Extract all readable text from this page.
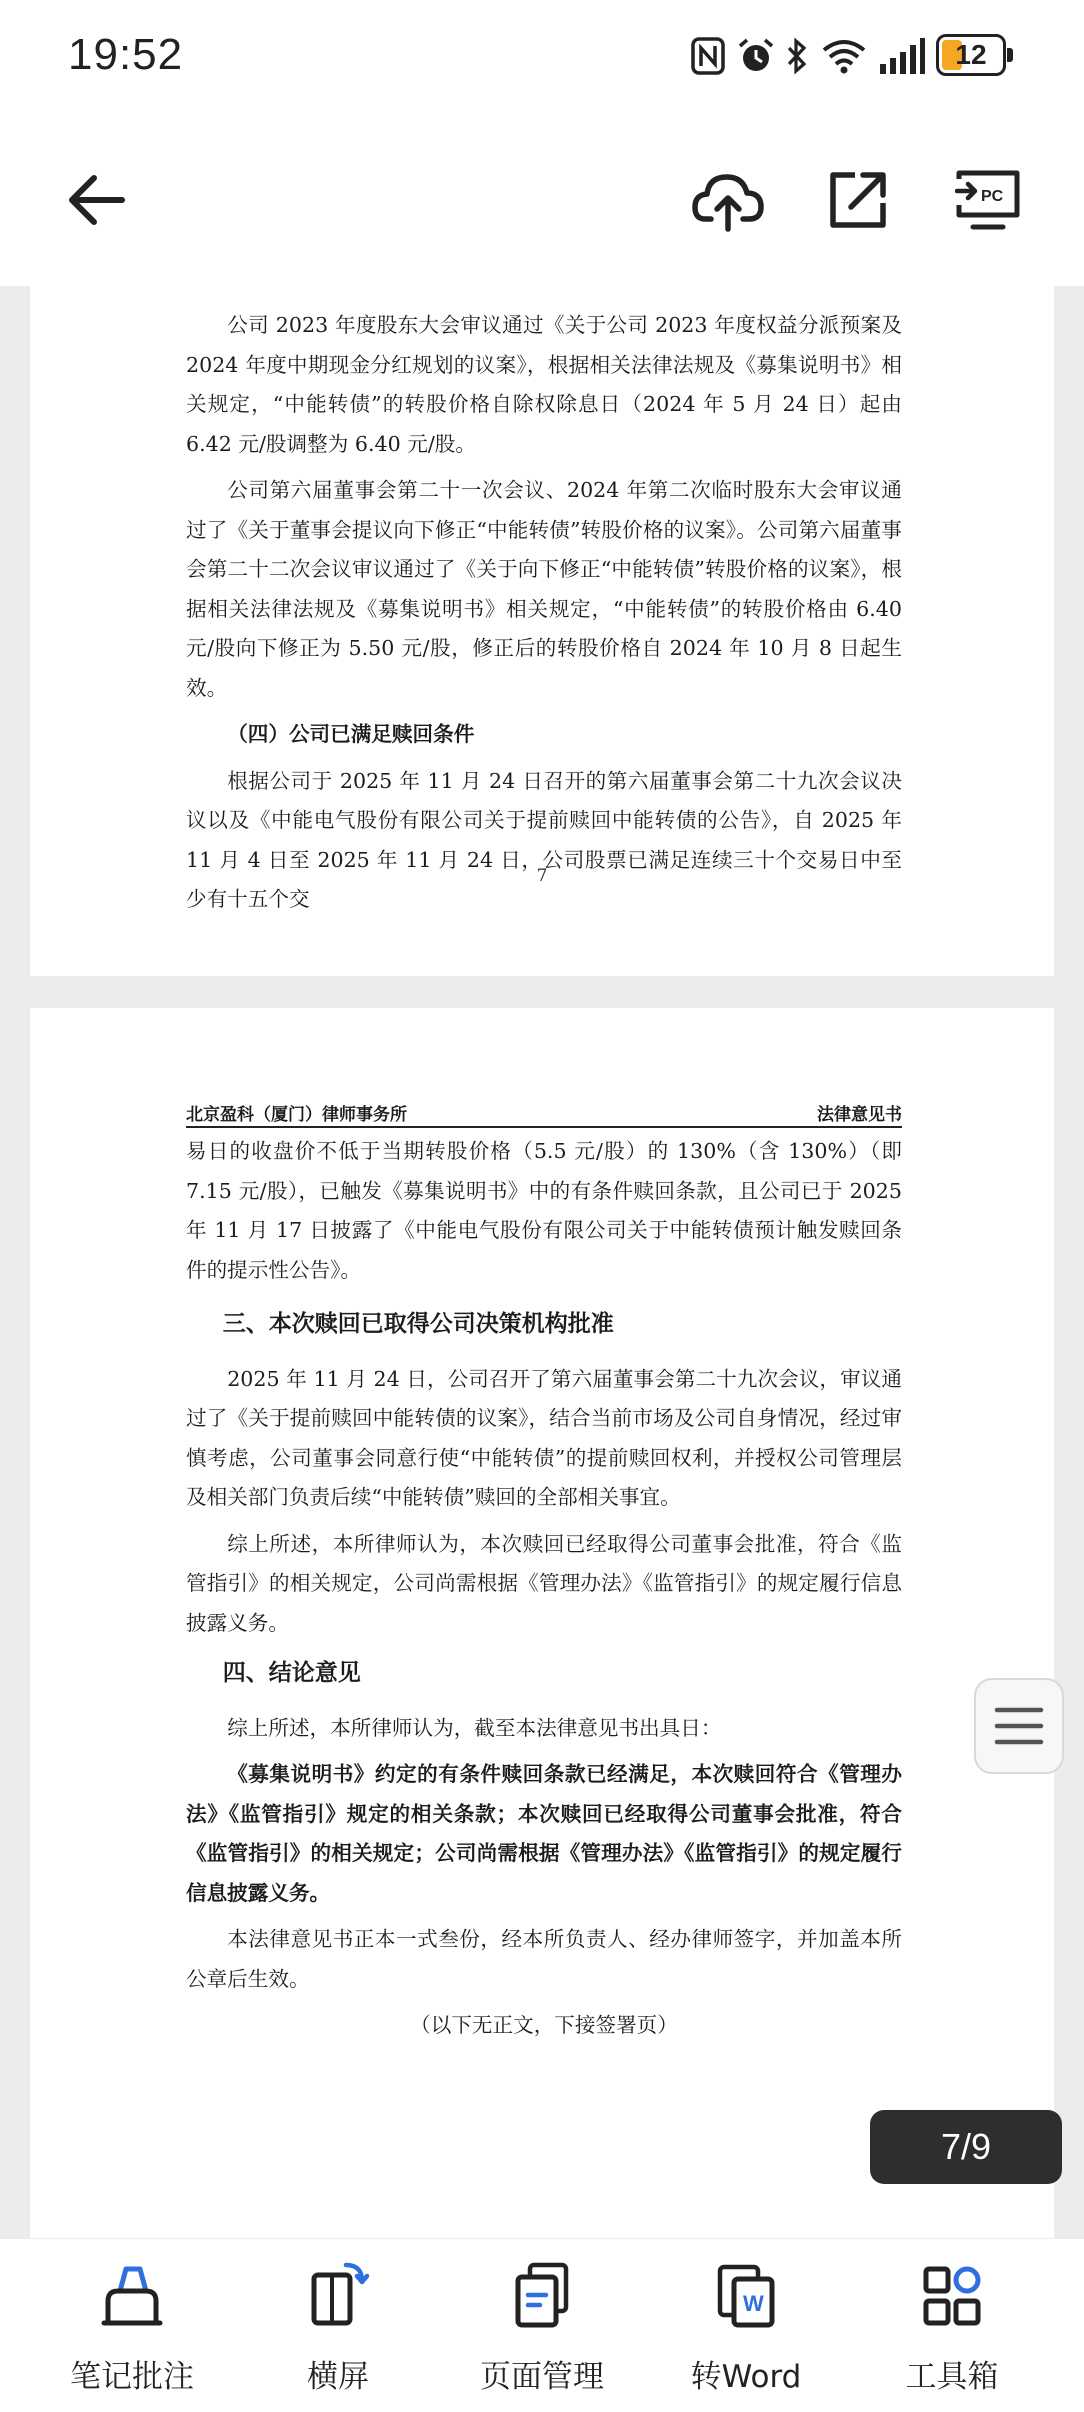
19:52	12
PC

公司 2023 年度股东大会审议通过《关于公司 2023 年度权益分派预案及 2024 年度中期现金分红规划的议案》，根据相关法律法规及《募集说明书》相关规定，“中能转债”的转股价格自除权除息日（2024 年 5 月 24 日）起由 6.42 元/股调整为 6.40 元/股。

公司第六届董事会第二十一次会议、2024 年第二次临时股东大会审议通过了《关于董事会提议向下修正“中能转债”转股价格的议案》。公司第六届董事会第二十二次会议审议通过了《关于向下修正“中能转债”转股价格的议案》，根据相关法律法规及《募集说明书》相关规定，“中能转债”的转股价格由 6.40 元/股向下修正为 5.50 元/股，修正后的转股价格自 2024 年 10 月 8 日起生效。

（四）公司已满足赎回条件

根据公司于 2025 年 11 月 24 日召开的第六届董事会第二十九次会议决议以及《中能电气股份有限公司关于提前赎回中能转债的公告》，自 2025 年 11 月 4 日至 2025 年 11 月 24 日，公司股票已满足连续三十个交易日中至少有十五个交

7
北京盈科（厦门）律师事务所	法律意见书
易日的收盘价不低于当期转股价格（5.5 元/股）的 130%（含 130%）（即 7.15 元/股），已触发《募集说明书》中的有条件赎回条款，且公司已于 2025 年 11 月 17 日披露了《中能电气股份有限公司关于中能转债预计触发赎回条件的提示性公告》。
三、本次赎回已取得公司决策机构批准

2025 年 11 月 24 日，公司召开了第六届董事会第二十九次会议，审议通过了《关于提前赎回中能转债的议案》，结合当前市场及公司自身情况，经过审慎考虑，公司董事会同意行使“中能转债”的提前赎回权利，并授权公司管理层及相关部门负责后续“中能转债”赎回的全部相关事宜。

综上所述，本所律师认为，本次赎回已经取得公司董事会批准，符合《监管指引》的相关规定，公司尚需根据《管理办法》《监管指引》的规定履行信息披露义务。

四、结论意见

综上所述，本所律师认为，截至本法律意见书出具日：

《募集说明书》约定的有条件赎回条款已经满足，本次赎回符合《管理办法》《监管指引》规定的相关条款；本次赎回已经取得公司董事会批准，符合《监管指引》的相关规定；公司尚需根据《管理办法》《监管指引》的规定履行信息披露义务。

本法律意见书正本一式叁份，经本所负责人、经办律师签字，并加盖本所公章后生效。

（以下无正文，下接签署页）

7/9
笔记批注	横屏	页面管理
W
转Word	工具箱
